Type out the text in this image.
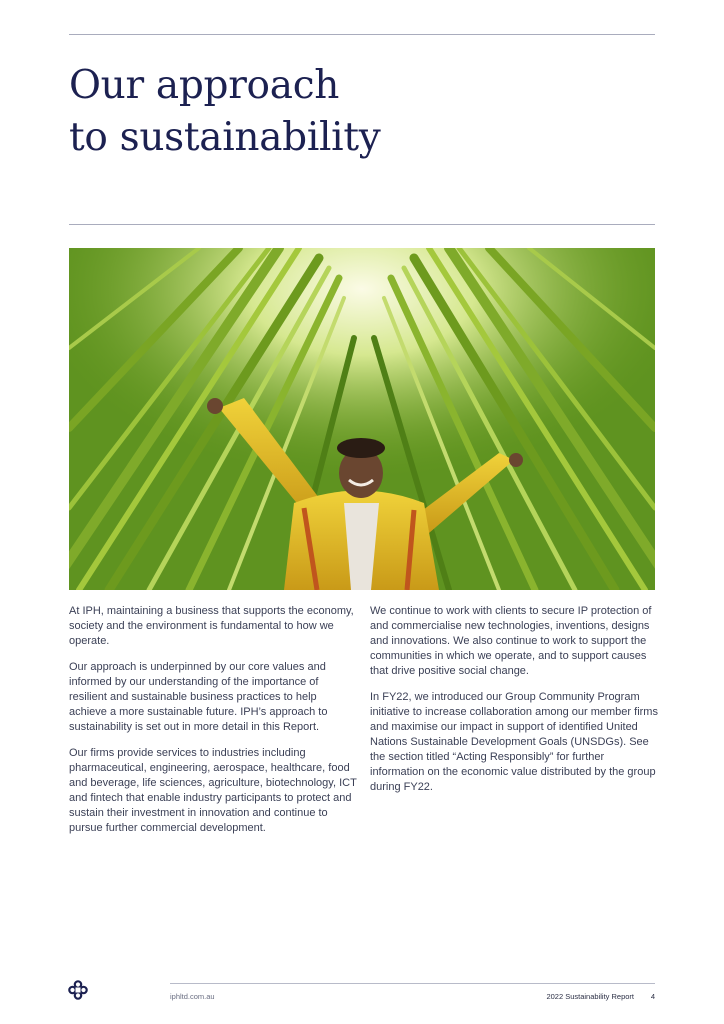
Our approach
to sustainability

At IPH, maintaining a business that supports the economy, society and the environment is fundamental to how we operate.

Our approach is underpinned by our core values and informed by our understanding of the importance of resilient and sustainable business practices to help achieve a more sustainable future. IPH’s approach to sustainability is set out in more detail in this Report.

Our firms provide services to industries including pharmaceutical, engineering, aerospace, healthcare, food and beverage, life sciences, agriculture, biotechnology, ICT and fintech that enable industry participants to protect and sustain their investment in innovation and continue to pursue further commercial development.

We continue to work with clients to secure IP protection of and commercialise new technologies, inventions, designs and innovations. We also continue to work to support the communities in which we operate, and to support causes that drive positive social change.

In FY22, we introduced our Group Community Program initiative to increase collaboration among our member firms and maximise our impact in support of identified United Nations Sustainable Development Goals (UNSDGs). See the section titled “Acting Responsibly” for further information on the economic value distributed by the group during FY22.

iphltd.com.au	2022 Sustainability Report 4
